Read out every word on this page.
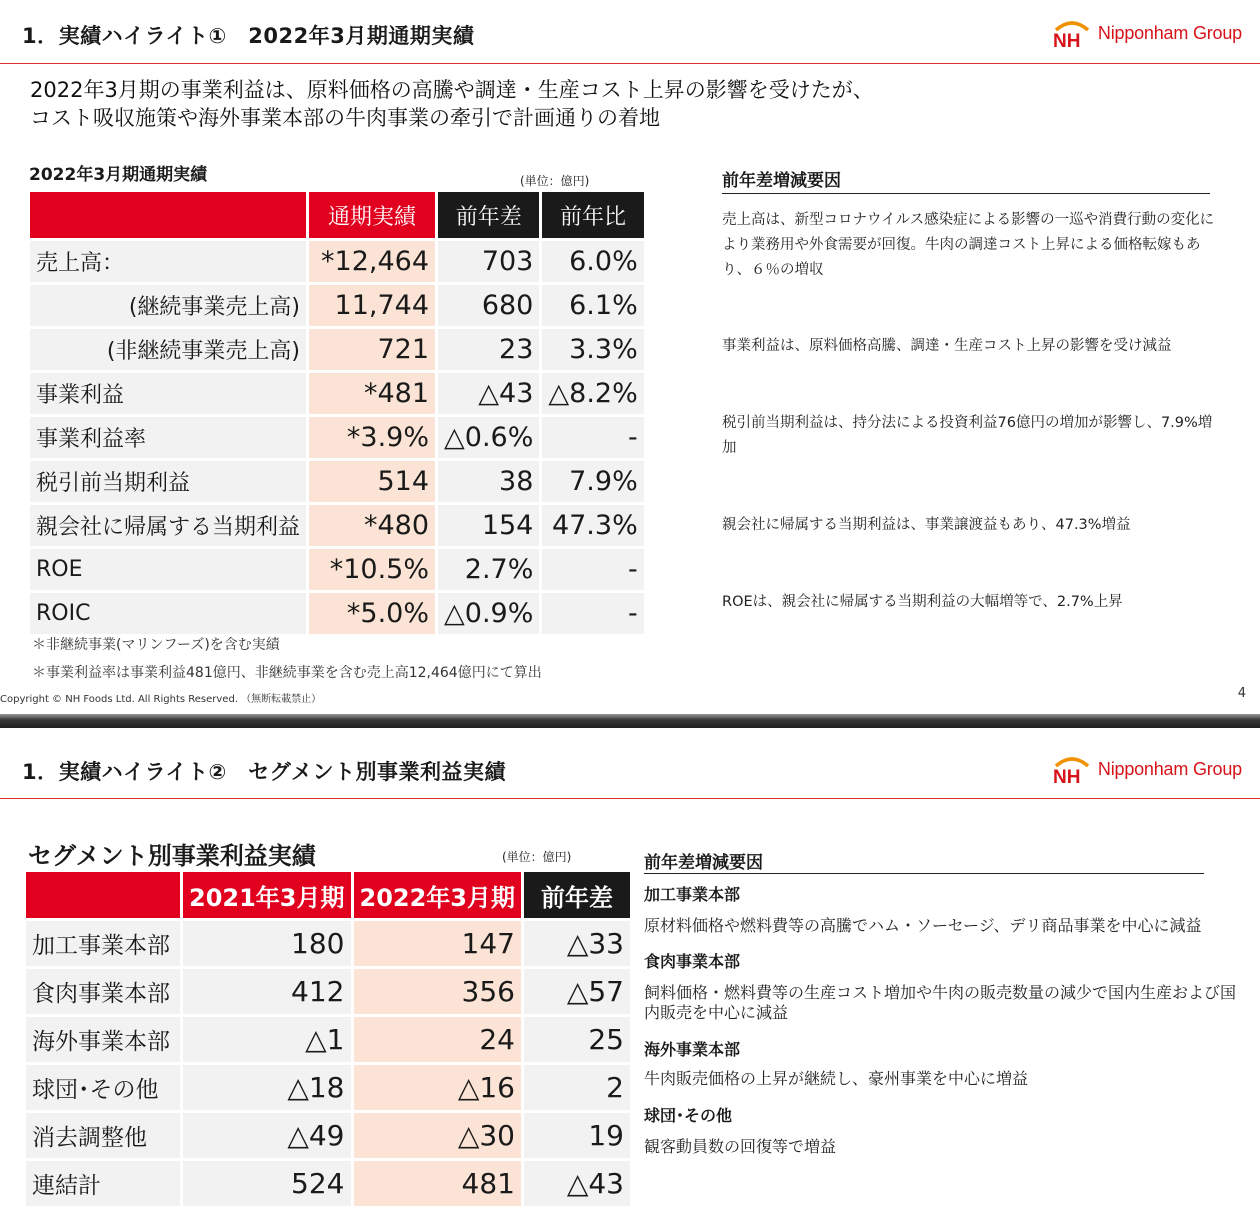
1．実績ハイライト①　2022年3月期通期実績	NH Nipponham Group
2022年3月期の事業利益は、原料価格の高騰や調達・生産コスト上昇の影響を受けたが、
コスト吸収施策や海外事業本部の牛肉事業の牽引で計画通りの着地
2022年3月期通期実績	(単位：億円)
	通期実績	前年差	前年比
売上高：	*12,464	703	6.0%
(継続事業売上高)	11,744	680	6.1%
(非継続事業売上高)	721	23	3.3%
事業利益	*481	△43	△8.2%
事業利益率	*3.9%	△0.6%	-
税引前当期利益	514	38	7.9%
親会社に帰属する当期利益	*480	154	47.3%
ROE	*10.5%	2.7%	-
ROIC	*5.0%	△0.9%	-
＊非継続事業(マリンフーズ)を含む実績
＊事業利益率は事業利益481億円、非継続事業を含む売上高12,464億円にて算出
Copyright © NH Foods Ltd. All Rights Reserved. （無断転載禁止）	4
前年差増減要因
売上高は、新型コロナウイルス感染症による影響の一巡や消費行動の変化により業務用や外食需要が回復。牛肉の調達コスト上昇による価格転嫁もあり、６％の増収
事業利益は、原料価格高騰、調達・生産コスト上昇の影響を受け減益
税引前当期利益は、持分法による投資利益76億円の増加が影響し、7.9%増加
親会社に帰属する当期利益は、事業譲渡益もあり、47.3%増益
ROEは、親会社に帰属する当期利益の大幅増等で、2.7%上昇
1．実績ハイライト②　セグメント別事業利益実績	NH Nipponham Group
セグメント別事業利益実績	(単位：億円)
	2021年3月期	2022年3月期	前年差
加工事業本部	180	147	△33
食肉事業本部	412	356	△57
海外事業本部	△1	24	25
球団･その他	△18	△16	2
消去調整他	△49	△30	19
連結計	524	481	△43
前年差増減要因
加工事業本部
原材料価格や燃料費等の高騰でハム・ソーセージ、デリ商品事業を中心に減益
食肉事業本部
飼料価格・燃料費等の生産コスト増加や牛肉の販売数量の減少で国内生産および国内販売を中心に減益
海外事業本部
牛肉販売価格の上昇が継続し、豪州事業を中心に増益
球団･その他
観客動員数の回復等で増益
